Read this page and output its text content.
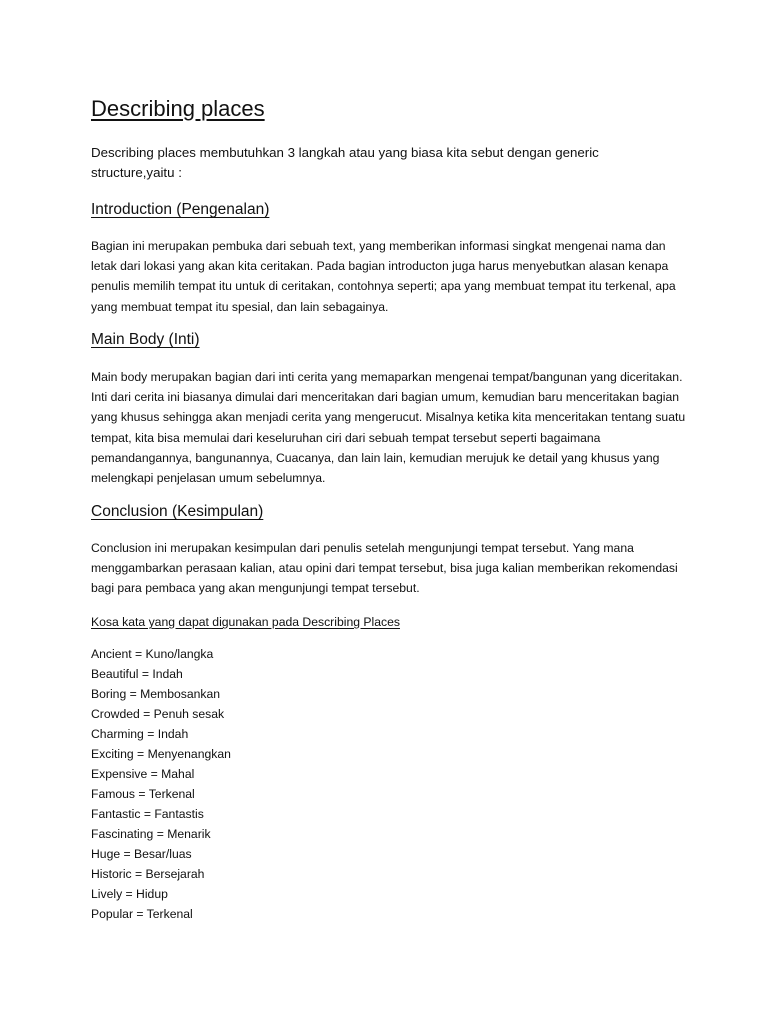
Describing places

Describing places membutuhkan 3 langkah atau yang biasa kita sebut dengan generic structure,yaitu :

Introduction (Pengenalan)

Bagian ini merupakan pembuka dari sebuah text, yang memberikan informasi singkat mengenai nama dan letak dari lokasi yang akan kita ceritakan. Pada bagian introducton juga harus menyebutkan alasan kenapa penulis memilih tempat itu untuk di ceritakan, contohnya seperti; apa yang membuat tempat itu terkenal, apa yang membuat tempat itu spesial, dan lain sebagainya.

Main Body (Inti)

Main body merupakan bagian dari inti cerita yang memaparkan mengenai tempat/bangunan yang diceritakan. Inti dari cerita ini biasanya dimulai dari menceritakan dari bagian umum, kemudian baru menceritakan bagian yang khusus sehingga akan menjadi cerita yang mengerucut. Misalnya ketika kita menceritakan tentang suatu tempat, kita bisa memulai dari keseluruhan ciri dari sebuah tempat tersebut seperti bagaimana pemandangannya, bangunannya, Cuacanya, dan lain lain, kemudian merujuk ke detail yang khusus yang melengkapi penjelasan umum sebelumnya.

Conclusion (Kesimpulan)

Conclusion ini merupakan kesimpulan dari penulis setelah mengunjungi tempat tersebut. Yang mana menggambarkan perasaan kalian, atau opini dari tempat tersebut, bisa juga kalian memberikan rekomendasi bagi para pembaca yang akan mengunjungi tempat tersebut.

Kosa kata yang dapat digunakan pada Describing Places
Ancient = Kuno/langka
Beautiful = Indah
Boring = Membosankan
Crowded = Penuh sesak
Charming = Indah
Exciting = Menyenangkan
Expensive = Mahal
Famous = Terkenal
Fantastic = Fantastis
Fascinating = Menarik
Huge = Besar/luas
Historic = Bersejarah
Lively = Hidup
Popular = Terkenal
